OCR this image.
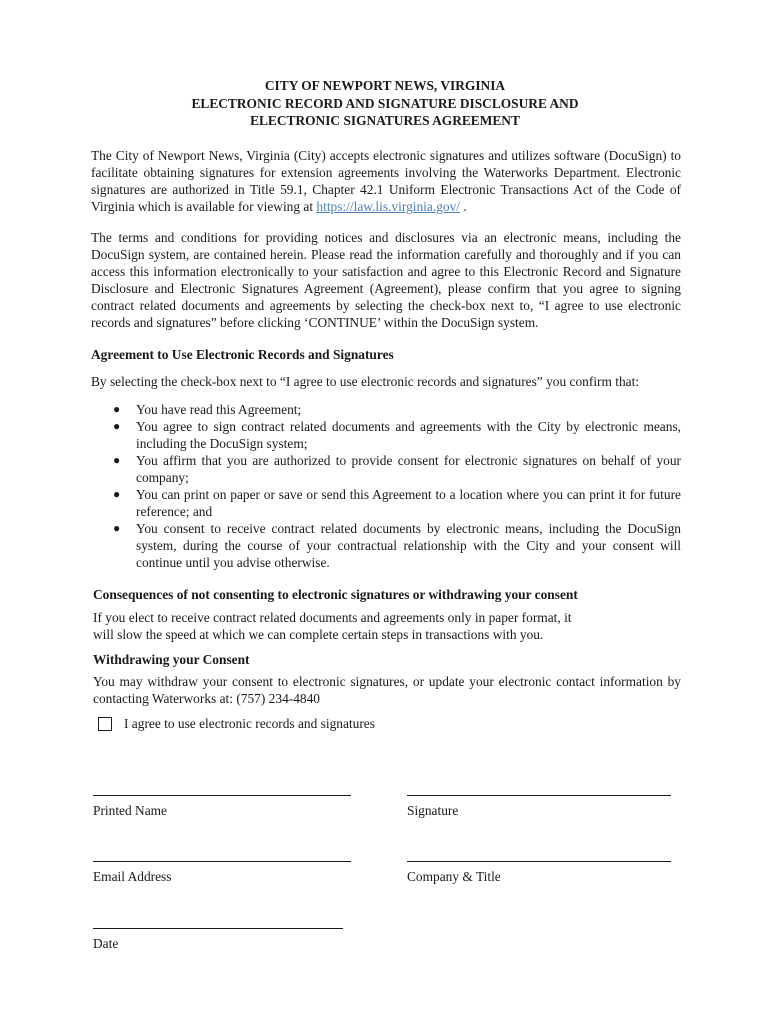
CITY OF NEWPORT NEWS, VIRGINIA
ELECTRONIC RECORD AND SIGNATURE DISCLOSURE AND
ELECTRONIC SIGNATURES AGREEMENT
The City of Newport News, Virginia (City) accepts electronic signatures and utilizes software (DocuSign) to facilitate obtaining signatures for extension agreements involving the Waterworks Department. Electronic signatures are authorized in Title 59.1, Chapter 42.1 Uniform Electronic Transactions Act of the Code of Virginia which is available for viewing at https://law.lis.virginia.gov/ .
The terms and conditions for providing notices and disclosures via an electronic means, including the DocuSign system, are contained herein. Please read the information carefully and thoroughly and if you can access this information electronically to your satisfaction and agree to this Electronic Record and Signature Disclosure and Electronic Signatures Agreement (Agreement), please confirm that you agree to signing contract related documents and agreements by selecting the check-box next to, “I agree to use electronic records and signatures” before clicking ‘CONTINUE’ within the DocuSign system.
Agreement to Use Electronic Records and Signatures
By selecting the check-box next to “I agree to use electronic records and signatures” you confirm that:
● You have read this Agreement;
● You agree to sign contract related documents and agreements with the City by electronic means, including the DocuSign system;
● You affirm that you are authorized to provide consent for electronic signatures on behalf of your company;
● You can print on paper or save or send this Agreement to a location where you can print it for future reference; and
● You consent to receive contract related documents by electronic means, including the DocuSign system, during the course of your contractual relationship with the City and your consent will continue until you advise otherwise.
Consequences of not consenting to electronic signatures or withdrawing your consent
If you elect to receive contract related documents and agreements only in paper format, it
will slow the speed at which we can complete certain steps in transactions with you.
Withdrawing your Consent
You may withdraw your consent to electronic signatures, or update your electronic contact information by contacting Waterworks at: (757) 234-4840
I agree to use electronic records and signatures
Printed Name	Signature
Email Address	Company & Title
Date
